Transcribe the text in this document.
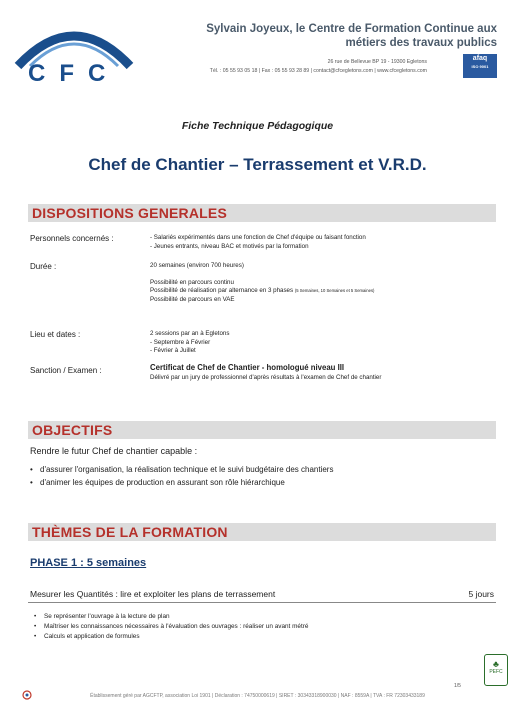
CFC
Sylvain Joyeux, le Centre de Formation Continue aux
métiers des travaux publics
26 rue de Bellevue BP 19 - 19300 Egletons
Tél. : 05 55 93 05 18 | Fax : 05 55 93 28 89 | contact@cfcegletons.com | www.cfcegletons.com
afaq
ISO 9001
Fiche Technique Pédagogique
Chef de Chantier – Terrassement et V.R.D.
DISPOSITIONS GENERALES
Personnels concernés :	- Salariés expérimentés dans une fonction de Chef d'équipe ou faisant fonction
- Jeunes entrants, niveau BAC et motivés par la formation
Durée :	20 semaines (environ 700 heures)
Possibilité en parcours continu
Possibilité de réalisation par alternance en 3 phases (5 Semaines, 10 Semaines et 5 Semaines)
Possibilité de parcours en VAE
Lieu et dates :	2 sessions par an à Egletons
- Septembre à Février
- Février à Juillet
Sanction / Examen :	Certificat de Chef de Chantier - homologué niveau III
Délivré par un jury de professionnel d'après résultats à l'examen de Chef de chantier
OBJECTIFS
Rendre le futur Chef de chantier capable :
• d'assurer l'organisation, la réalisation technique et le suivi budgétaire des chantiers
• d'animer les équipes de production en assurant son rôle hiérarchique
THÈMES DE LA FORMATION
PHASE 1 : 5 semaines
Mesurer les Quantités : lire et exploiter les plans de terrassement	5 jours
• Se représenter l'ouvrage à la lecture de plan
• Maîtriser les connaissances nécessaires à l'évaluation des ouvrages : réaliser un avant métré
• Calculs et application de formules
♣
PEFC
1/5
Établissement géré par AGCFTP, association Loi 1901 | Déclaration : 74750000619 | SIRET : 30343318900030 | NAF : 8559A | TVA : FR 72303433189
